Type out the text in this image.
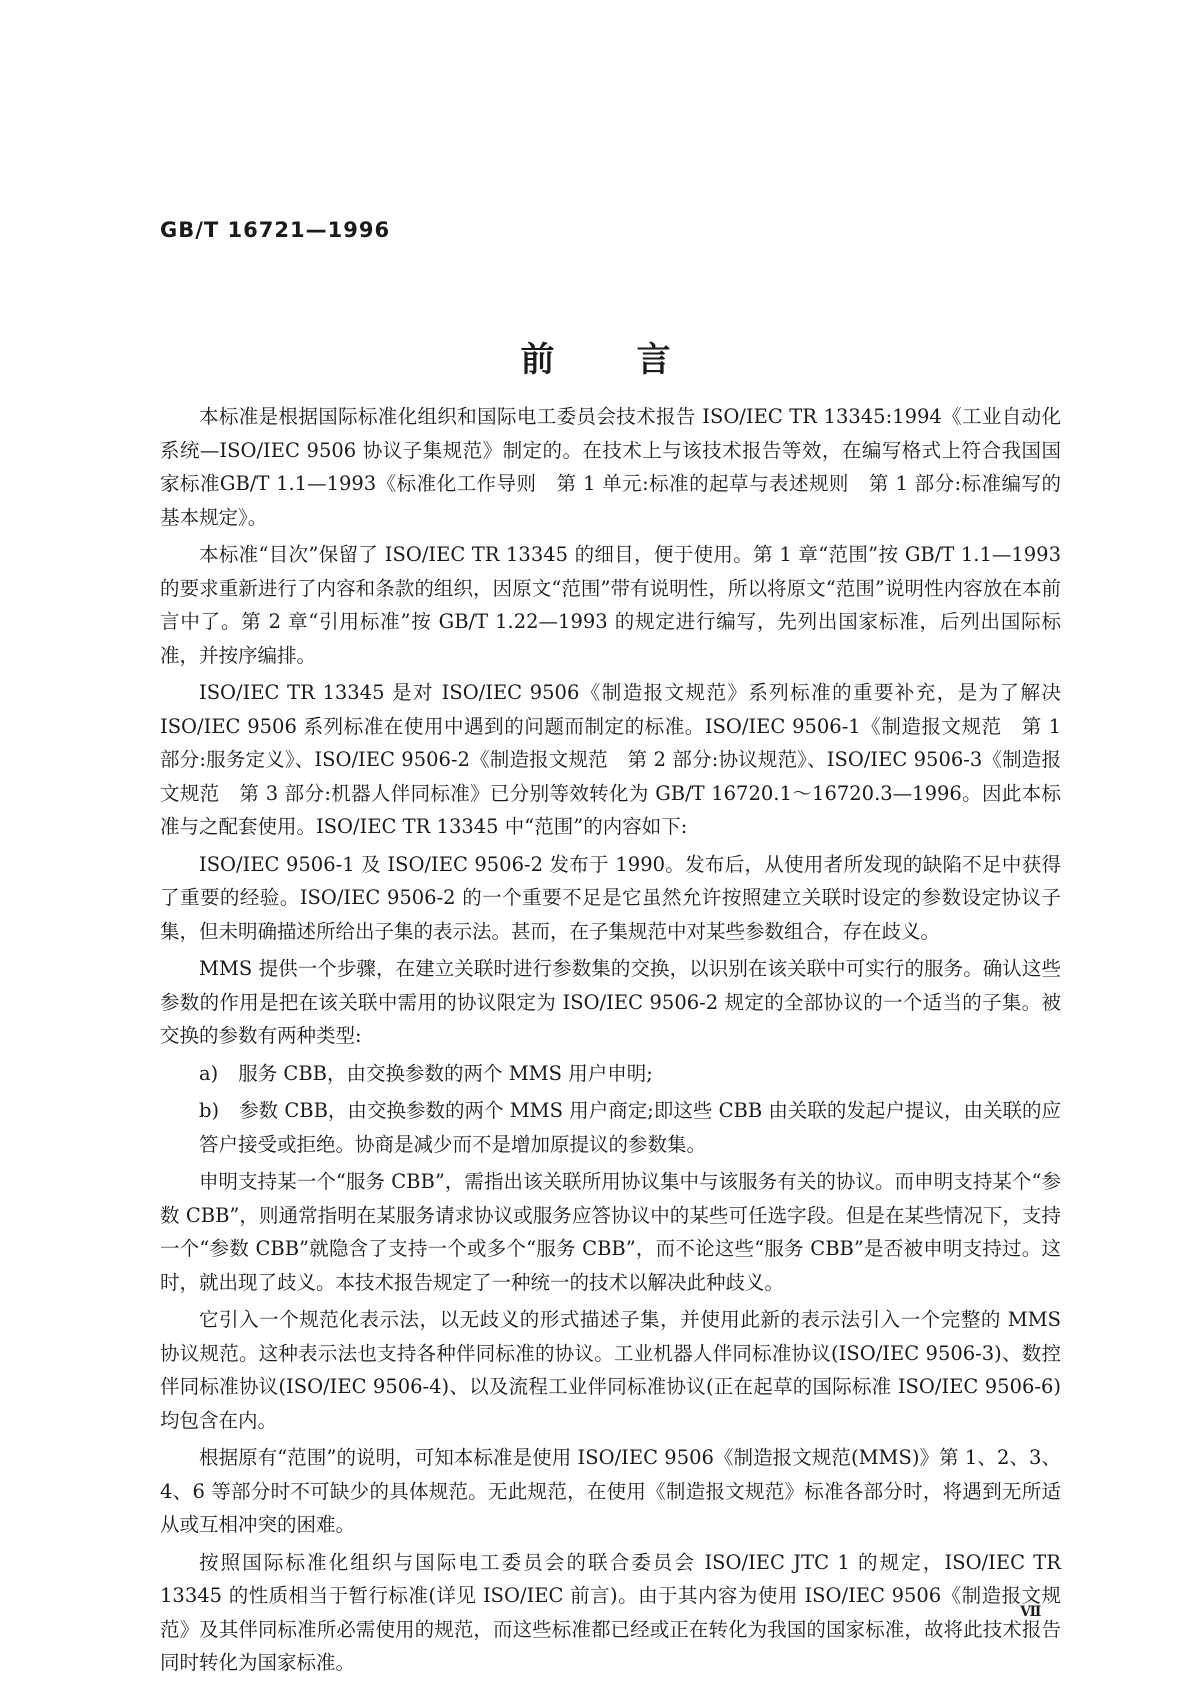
GB/T 16721—1996
前言

本标准是根据国际标准化组织和国际电工委员会技术报告 ISO/IEC TR 13345:1994《工业自动化系统—ISO/IEC 9506 协议子集规范》制定的。在技术上与该技术报告等效，在编写格式上符合我国国家标准GB/T 1.1—1993《标准化工作导则　第 1 单元:标准的起草与表述规则　第 1 部分:标准编写的基本规定》。

本标准“目次”保留了 ISO/IEC TR 13345 的细目，便于使用。第 1 章“范围”按 GB/T 1.1—1993 的要求重新进行了内容和条款的组织，因原文“范围”带有说明性，所以将原文“范围”说明性内容放在本前言中了。第 2 章“引用标准”按 GB/T 1.22—1993 的规定进行编写，先列出国家标准，后列出国际标准，并按序编排。

ISO/IEC TR 13345 是对 ISO/IEC 9506《制造报文规范》系列标准的重要补充，是为了解决 ISO/IEC 9506 系列标准在使用中遇到的问题而制定的标准。ISO/IEC 9506-1《制造报文规范　第 1 部分:服务定义》、ISO/IEC 9506-2《制造报文规范　第 2 部分:协议规范》、ISO/IEC 9506-3《制造报文规范　第 3 部分:机器人伴同标准》已分别等效转化为 GB/T 16720.1～16720.3—1996。因此本标准与之配套使用。ISO/IEC TR 13345 中“范围”的内容如下:

ISO/IEC 9506-1 及 ISO/IEC 9506-2 发布于 1990。发布后，从使用者所发现的缺陷不足中获得了重要的经验。ISO/IEC 9506-2 的一个重要不足是它虽然允许按照建立关联时设定的参数设定协议子集，但未明确描述所给出子集的表示法。甚而，在子集规范中对某些参数组合，存在歧义。

MMS 提供一个步骤，在建立关联时进行参数集的交换，以识别在该关联中可实行的服务。确认这些参数的作用是把在该关联中需用的协议限定为 ISO/IEC 9506-2 规定的全部协议的一个适当的子集。被交换的参数有两种类型:

a) 服务 CBB，由交换参数的两个 MMS 用户申明;

b) 参数 CBB，由交换参数的两个 MMS 用户商定;即这些 CBB 由关联的发起户提议，由关联的应答户接受或拒绝。协商是减少而不是增加原提议的参数集。

申明支持某一个“服务 CBB”，需指出该关联所用协议集中与该服务有关的协议。而申明支持某个“参数 CBB”，则通常指明在某服务请求协议或服务应答协议中的某些可任选字段。但是在某些情况下，支持一个“参数 CBB”就隐含了支持一个或多个“服务 CBB”，而不论这些“服务 CBB”是否被申明支持过。这时，就出现了歧义。本技术报告规定了一种统一的技术以解决此种歧义。

它引入一个规范化表示法，以无歧义的形式描述子集，并使用此新的表示法引入一个完整的 MMS 协议规范。这种表示法也支持各种伴同标准的协议。工业机器人伴同标准协议(ISO/IEC 9506-3)、数控伴同标准协议(ISO/IEC 9506-4)、以及流程工业伴同标准协议(正在起草的国际标准 ISO/IEC 9506-6)均包含在内。

根据原有“范围”的说明，可知本标准是使用 ISO/IEC 9506《制造报文规范(MMS)》第 1、2、3、4、6 等部分时不可缺少的具体规范。无此规范，在使用《制造报文规范》标准各部分时，将遇到无所适从或互相冲突的困难。

按照国际标准化组织与国际电工委员会的联合委员会 ISO/IEC JTC 1 的规定，ISO/IEC TR 13345 的性质相当于暂行标准(详见 ISO/IEC 前言)。由于其内容为使用 ISO/IEC 9506《制造报文规范》及其伴同标准所必需使用的规范，而这些标准都已经或正在转化为我国的国家标准，故将此技术报告同时转化为国家标准。

Ⅶ
